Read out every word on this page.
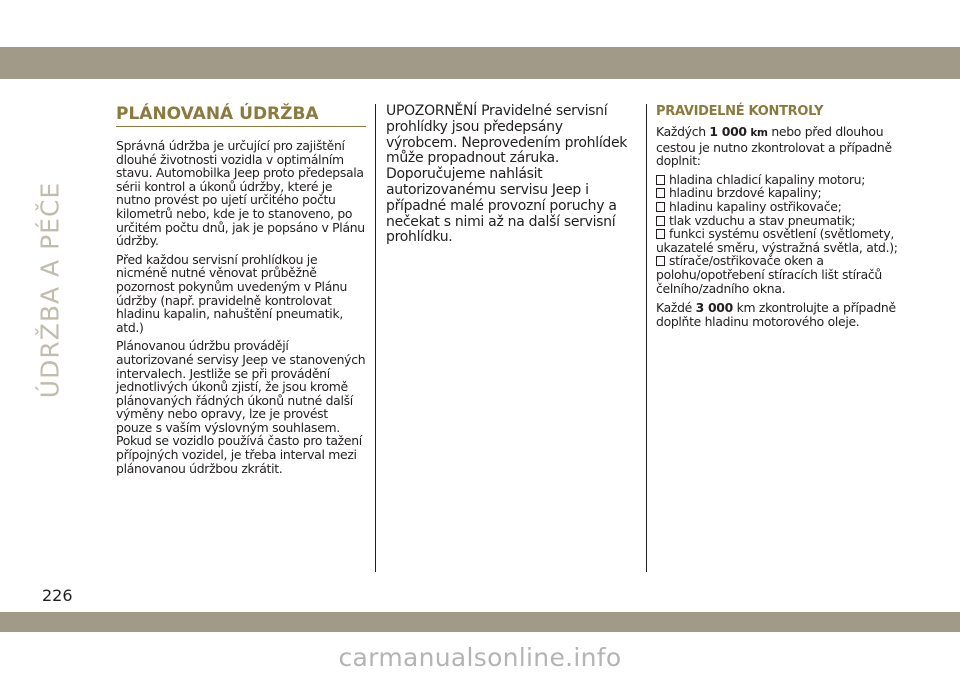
ÚDRŽBA A PÉČE
PLÁNOVANÁ ÚDRŽBA

Správná údržba je určující pro zajištění dlouhé životnosti vozidla v optimálním stavu. Automobilka Jeep proto předepsala sérii kontrol a úkonů údržby, které je nutno provést po ujetí určitého počtu kilometrů nebo, kde je to stanoveno, po určitém počtu dnů, jak je popsáno v Plánu údržby.

Před každou servisní prohlídkou je nicméně nutné věnovat průběžně pozornost pokynům uvedeným v Plánu údržby (např. pravidelně kontrolovat hladinu kapalin, nahuštění pneumatik, atd.)

Plánovanou údržbu provádějí autorizované servisy Jeep ve stanovených intervalech. Jestliže se při provádění jednotlivých úkonů zjistí, že jsou kromě plánovaných řádných úkonů nutné další výměny nebo opravy, lze je provést pouze s vaším výslovným souhlasem. Pokud se vozidlo používá často pro tažení přípojných vozidel, je třeba interval mezi plánovanou údržbou zkrátit.

UPOZORNĚNÍ Pravidelné servisní prohlídky jsou předepsány výrobcem. Neprovedením prohlídek může propadnout záruka. Doporučujeme nahlásit autorizovanému servisu Jeep i případné malé provozní poruchy a nečekat s nimi až na další servisní prohlídku.

PRAVIDELNÉ KONTROLY

Každých 1 000 km nebo před dlouhou cestou je nutno zkontrolovat a případně doplnit:

hladina chladicí kapaliny motoru;
hladinu brzdové kapaliny;
hladinu kapaliny ostřikovače;
tlak vzduchu a stav pneumatik;
funkci systému osvětlení (světlomety, ukazatelé směru, výstražná světla, atd.);
stírače/ostřikovače oken a polohu/opotřebení stíracích lišt stíračů čelního/zadního okna.

Každé 3 000 km zkontrolujte a případně doplňte hladinu motorového oleje.

226
carmanualsonline.info
